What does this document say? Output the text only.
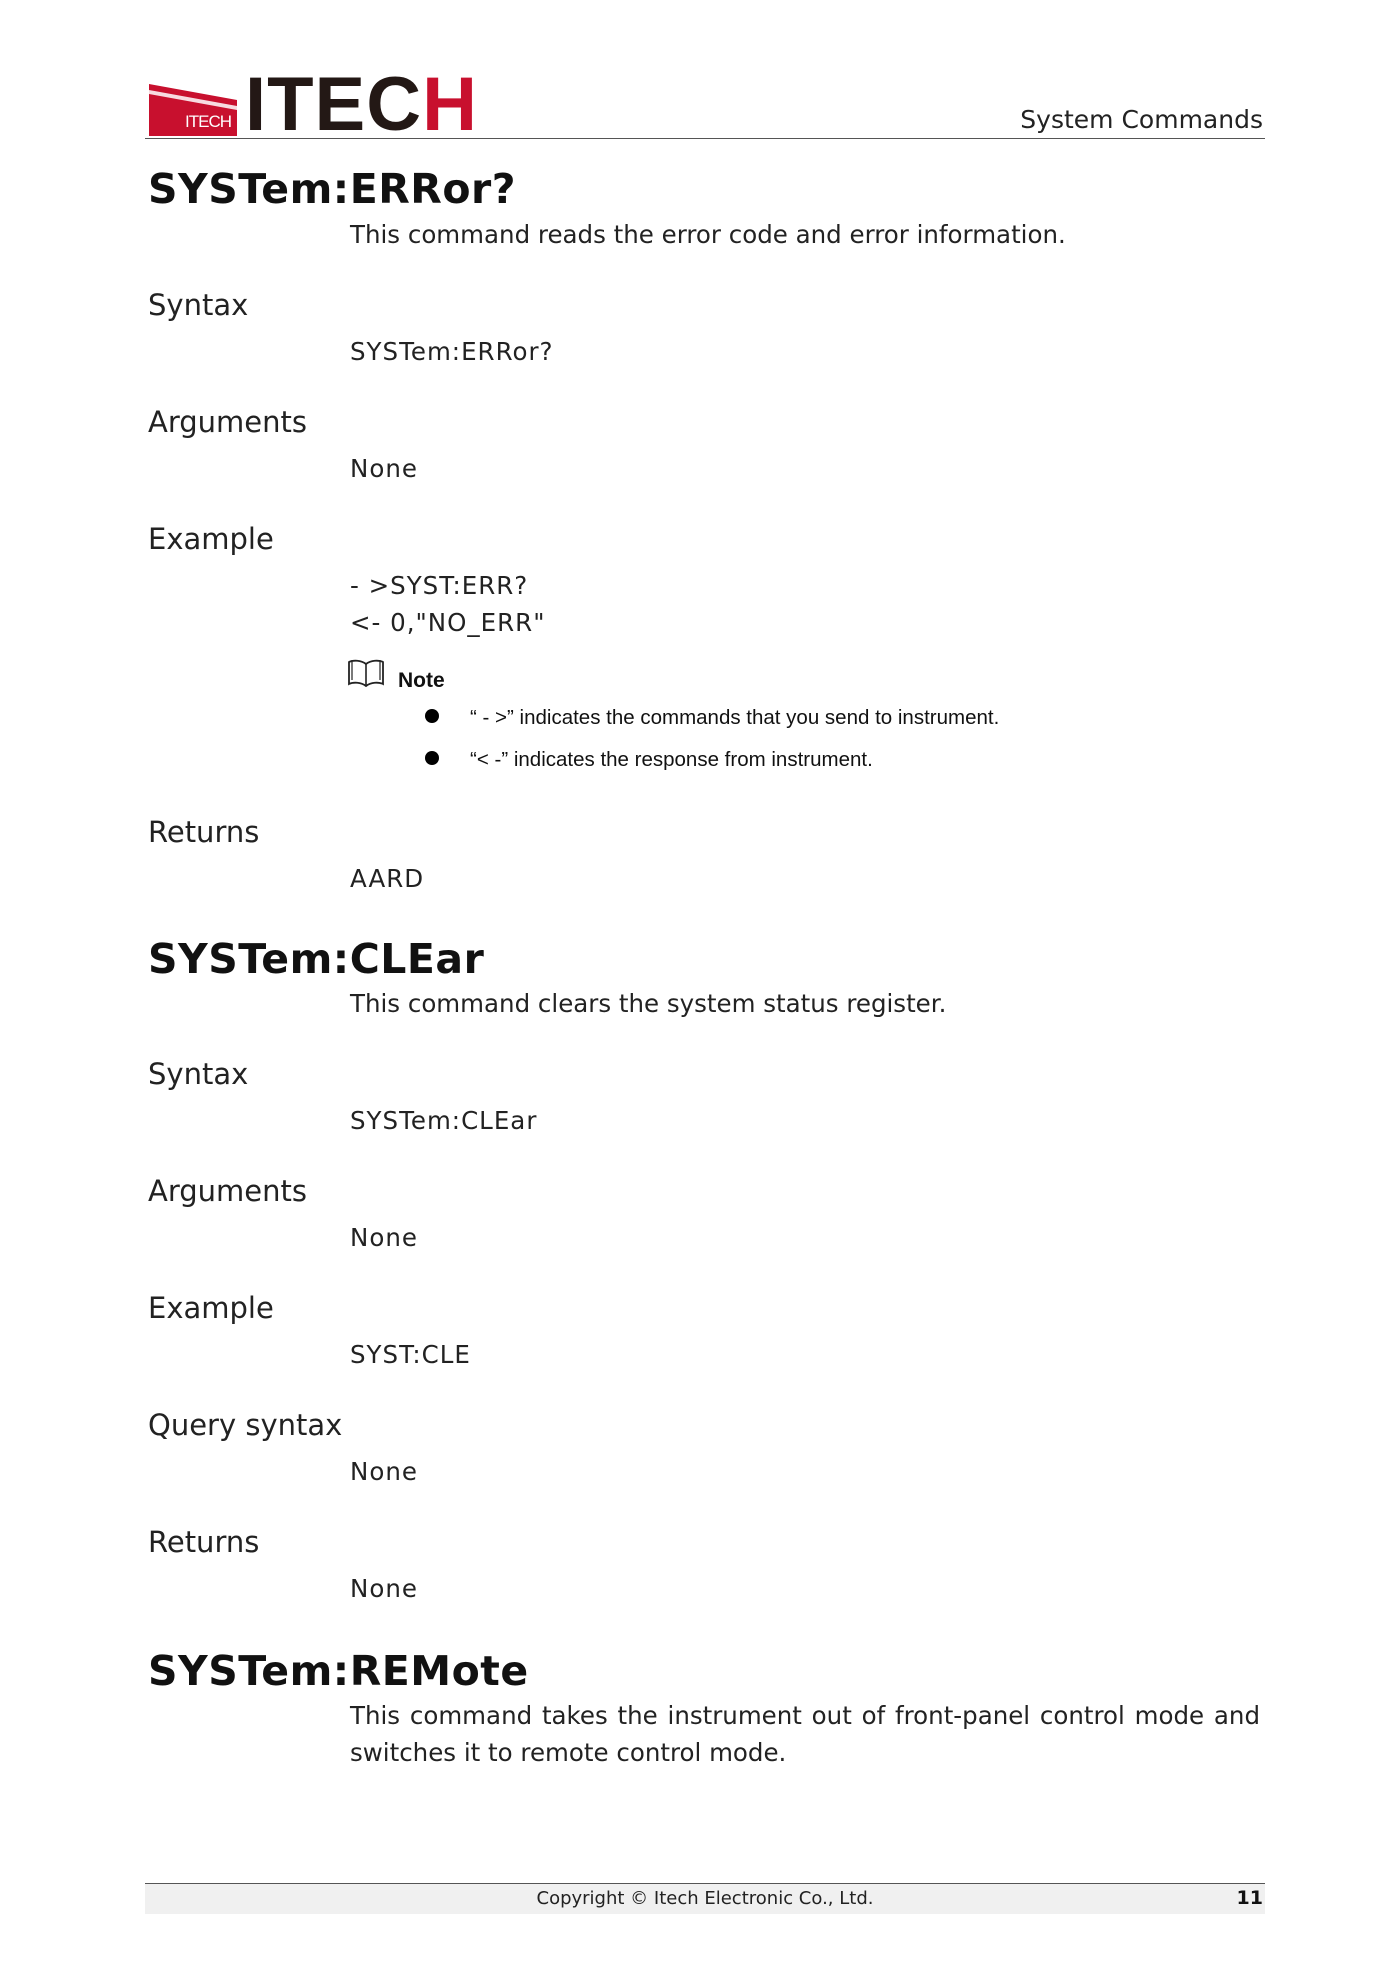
ITECH ITECH	System Commands
SYSTem:ERRor?
This command reads the error code and error information.
Syntax
SYSTem:ERRor?
Arguments
None
Example
- >SYST:ERR?
<- 0,"NO_ERR"
Note
“ - >” indicates the commands that you send to instrument.
“< -” indicates the response from instrument.
Returns
AARD
SYSTem:CLEar
This command clears the system status register.
Syntax
SYSTem:CLEar
Arguments
None
Example
SYST:CLE
Query syntax
None
Returns
None
SYSTem:REMote
This command takes the instrument out of front-panel control mode and switches it to remote control mode.
Copyright © Itech Electronic Co., Ltd.	11
